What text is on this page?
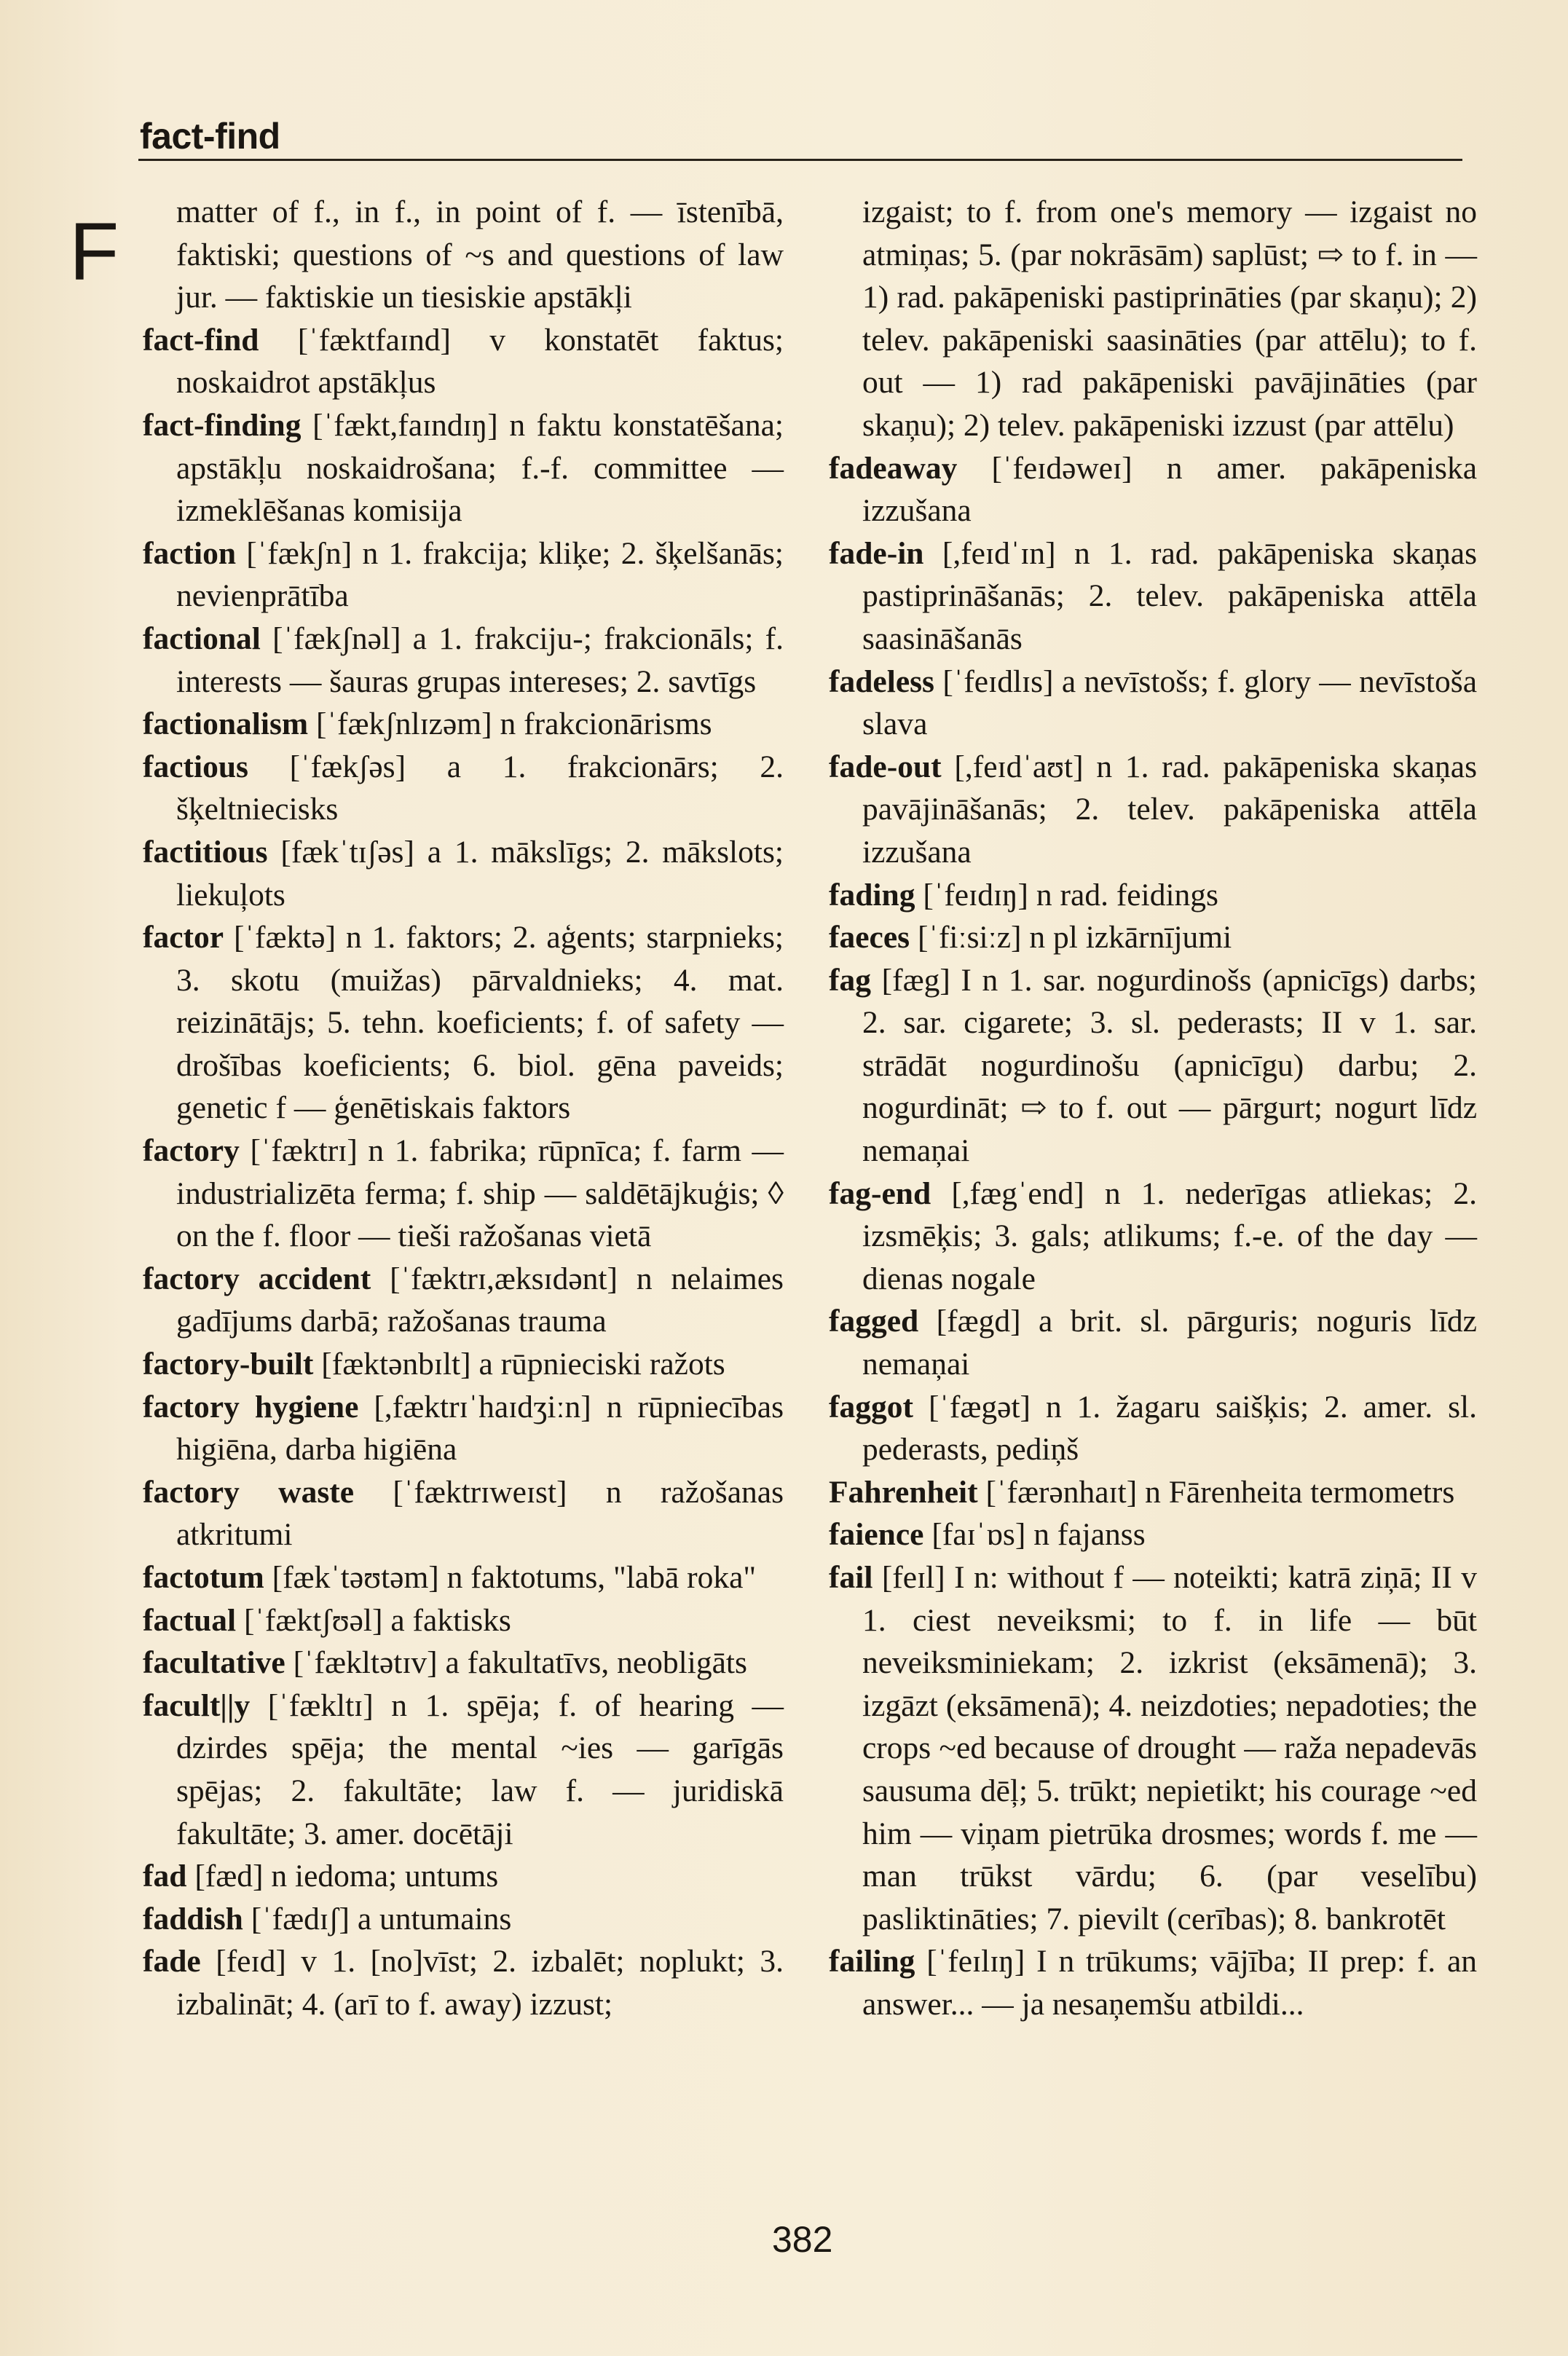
fact-find
F	matter of f., in f., in point of f. — īstenībā, faktiski; questions of ~s and questions of law jur. — faktiskie un tiesiskie apstākļi

fact-find [ˈfæktfaɪnd] v konstatēt faktus; noskaidrot apstākļus

fact-finding [ˈfækt,faɪndɪŋ] n faktu konstatēšana; apstākļu noskaidrošana; f.-f. committee — izmeklēšanas komisija

faction [ˈfækʃn] n 1. frakcija; kliķe; 2. šķelšanās; nevienprātība

factional [ˈfækʃnəl] a 1. frakciju-; frakcionāls; f. interests — šauras grupas intereses; 2. savtīgs

factionalism [ˈfækʃnlɪzəm] n frakcionārisms

factious [ˈfækʃəs] a 1. frakcionārs; 2. šķeltniecisks

factitious [fækˈtɪʃəs] a 1. mākslīgs; 2. mākslots; liekuļots

factor [ˈfæktə] n 1. faktors; 2. aģents; starpnieks; 3. skotu (muižas) pārvaldnieks; 4. mat. reizinātājs; 5. tehn. koeficients; f. of safety — drošības koeficients; 6. biol. gēna paveids; genetic f — ģenētiskais faktors

factory [ˈfæktrɪ] n 1. fabrika; rūpnīca; f. farm — industrializēta ferma; f. ship — saldētājkuģis; ◊ on the f. floor — tieši ražošanas vietā

factory accident [ˈfæktrɪ,æksɪdənt] n nelaimes gadījums darbā; ražošanas trauma

factory-built [fæktənbɪlt] a rūpnieciski ražots

factory hygiene [,fæktrɪˈhaɪdʒiːn] n rūpniecības higiēna, darba higiēna

factory waste [ˈfæktrɪweɪst] n ražošanas atkritumi

factotum [fækˈtəʊtəm] n faktotums, "labā roka"

factual [ˈfæktʃʊəl] a faktisks

facultative [ˈfækltətɪv] a fakultatīvs, neobligāts

facult||y [ˈfækltɪ] n 1. spēja; f. of hearing — dzirdes spēja; the mental ~ies — garīgās spējas; 2. fakultāte; law f. — juridiskā fakultāte; 3. amer. docētāji

fad [fæd] n iedoma; untums

faddish [ˈfædɪʃ] a untumains

fade [feɪd] v 1. [no]vīst; 2. izbalēt; noplukt; 3. izbalināt; 4. (arī to f. away) izzust;

izgaist; to f. from one's memory — izgaist no atmiņas; 5. (par nokrāsām) saplūst; ⇨ to f. in — 1) rad. pakāpeniski pastiprināties (par skaņu); 2) telev. pakāpeniski saasināties (par attēlu); to f. out — 1) rad pakāpeniski pavājināties (par skaņu); 2) telev. pakāpeniski izzust (par attēlu)

fadeaway [ˈfeɪdəweɪ] n amer. pakāpeniska izzušana

fade-in [,feɪdˈɪn] n 1. rad. pakāpeniska skaņas pastiprināšanās; 2. telev. pakāpeniska attēla saasināšanās

fadeless [ˈfeɪdlɪs] a nevīstošs; f. glory — nevīstoša slava

fade-out [,feɪdˈaʊt] n 1. rad. pakāpeniska skaņas pavājināšanās; 2. telev. pakāpeniska attēla izzušana

fading [ˈfeɪdɪŋ] n rad. feidings

faeces [ˈfiːsiːz] n pl izkārnījumi

fag [fæg] I n 1. sar. nogurdinošs (apnicīgs) darbs; 2. sar. cigarete; 3. sl. pederasts; II v 1. sar. strādāt nogurdinošu (apnicīgu) darbu; 2. nogurdināt; ⇨ to f. out — pārgurt; nogurt līdz nemaņai

fag-end [,fægˈend] n 1. nederīgas atliekas; 2. izsmēķis; 3. gals; atlikums; f.-e. of the day — dienas nogale

fagged [fægd] a brit. sl. pārguris; noguris līdz nemaņai

faggot [ˈfægət] n 1. žagaru saišķis; 2. amer. sl. pederasts, pediņš

Fahrenheit [ˈfærənhaɪt] n Fārenheita termometrs

faience [faɪˈɒs] n fajanss

fail [feɪl] I n: without f — noteikti; katrā ziņā; II v 1. ciest neveiksmi; to f. in life — būt neveiksminiekam; 2. izkrist (eksāmenā); 3. izgāzt (eksāmenā); 4. neizdoties; nepadoties; the crops ~ed because of drought — raža nepadevās sausuma dēļ; 5. trūkt; nepietikt; his courage ~ed him — viņam pietrūka drosmes; words f. me — man trūkst vārdu; 6. (par veselību) pasliktināties; 7. pievilt (cerības); 8. bankrotēt

failing [ˈfeɪlɪŋ] I n trūkums; vājība; II prep: f. an answer... — ja nesaņemšu atbildi...

382
